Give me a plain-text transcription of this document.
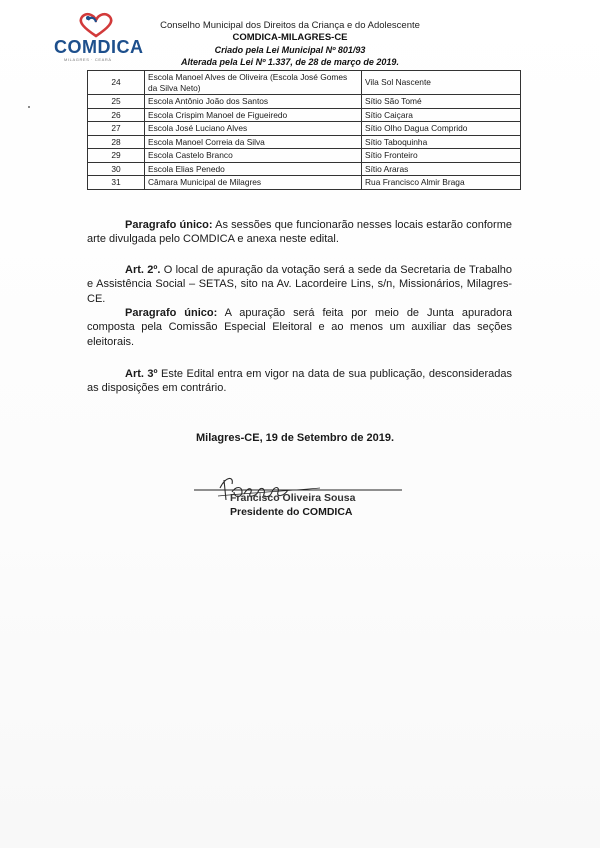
COMDICA
MILAGRES · CEARÁ
Conselho Municipal dos Direitos da Criança e do Adolescente
COMDICA-MILAGRES-CE
Criado pela Lei Municipal Nº 801/93
Alterada pela Lei Nº 1.337, de 28 de março de 2019.
24	Escola Manoel Alves de Oliveira (Escola José Gomes da Silva Neto)	Vila Sol Nascente
25	Escola Antônio João dos Santos	Sítio São Tomé
26	Escola Crispim Manoel de Figueiredo	Sítio Caiçara
27	Escola José Luciano Alves	Sítio Olho Dagua Comprido
28	Escola Manoel Correia da Silva	Sítio Taboquinha
29	Escola Castelo Branco	Sítio Fronteiro
30	Escola Elias Penedo	Sítio Araras
31	Câmara Municipal de Milagres	Rua Francisco Almir Braga
Paragrafo único: As sessões que funcionarão nesses locais estarão conforme arte divulgada pelo COMDICA e anexa neste edital.
Art. 2º. O local de apuração da votação será a sede da Secretaria de Trabalho e Assistência Social – SETAS, sito na Av. Lacordeire Lins, s/n, Missionários, Milagres-CE.
Paragrafo único: A apuração será feita por meio de Junta apuradora composta pela Comissão Especial Eleitoral e ao menos um auxiliar das seções eleitorais.
Art. 3º Este Edital entra em vigor na data de sua publicação, desconsideradas as disposições em contrário.
Milagres-CE, 19 de Setembro de 2019.
Francisco Oliveira Sousa
Presidente do COMDICA
